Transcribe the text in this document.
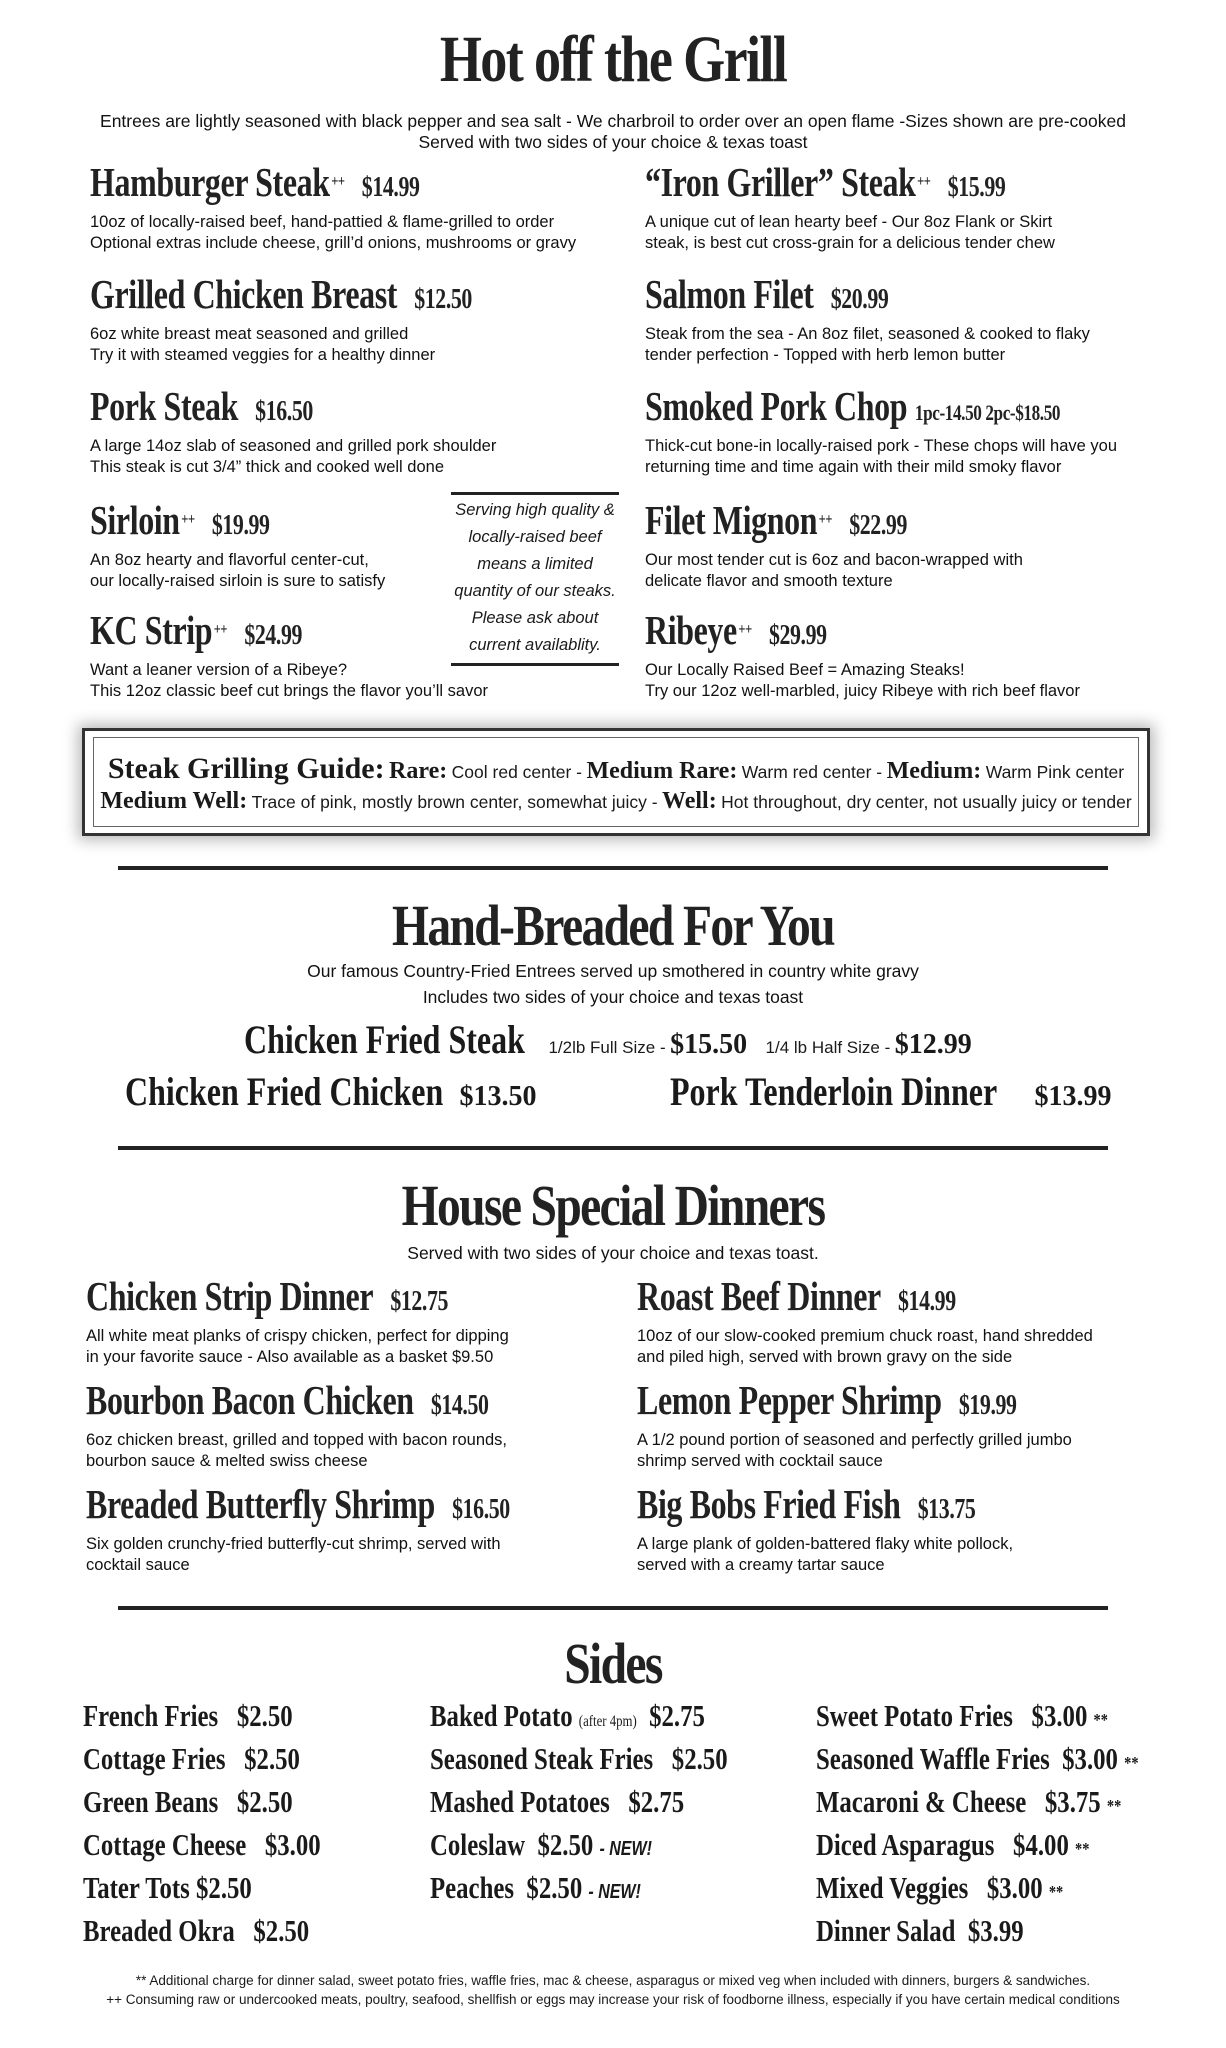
Hot off the Grill
Entrees are lightly seasoned with black pepper and sea salt - We charbroil to order over an open flame -Sizes shown are pre-cooked
Served with two sides of your choice & texas toast
Hamburger Steak++ $14.99
10oz of locally-raised beef, hand-pattied & flame-grilled to order
Optional extras include cheese, grill’d onions, mushrooms or gravy
“Iron Griller” Steak++ $15.99
A unique cut of lean hearty beef - Our 8oz Flank or Skirt
steak, is best cut cross-grain for a delicious tender chew
Grilled Chicken Breast $12.50
6oz white breast meat seasoned and grilled
Try it with steamed veggies for a healthy dinner
Salmon Filet $20.99
Steak from the sea - An 8oz filet, seasoned & cooked to flaky
tender perfection - Topped with herb lemon butter
Pork Steak $16.50
A large 14oz slab of seasoned and grilled pork shoulder
This steak is cut 3/4” thick and cooked well done
Smoked Pork Chop 1pc-14.50 2pc-$18.50
Thick-cut bone-in locally-raised pork - These chops will have you
returning time and time again with their mild smoky flavor
Sirloin++ $19.99
An 8oz hearty and flavorful center-cut,
our locally-raised sirloin is sure to satisfy
Filet Mignon++ $22.99
Our most tender cut is 6oz and bacon-wrapped with
delicate flavor and smooth texture
KC Strip++ $24.99
Want a leaner version of a Ribeye?
This 12oz classic beef cut brings the flavor you’ll savor
Ribeye++ $29.99
Our Locally Raised Beef = Amazing Steaks!
Try our 12oz well-marbled, juicy Ribeye with rich beef flavor
Serving high quality &
locally-raised beef
means a limited
quantity of our steaks.
Please ask about
current availablity.
Steak Grilling Guide: Rare: Cool red center - Medium Rare: Warm red center - Medium: Warm Pink center
Medium Well: Trace of pink, mostly brown center, somewhat juicy - Well: Hot throughout, dry center, not usually juicy or tender
Hand-Breaded For You
Our famous Country-Fried Entrees served up smothered in country white gravy
Includes two sides of your choice and texas toast
Chicken Fried Steak 1/2lb Full Size - $15.50 1/4 lb Half Size - $12.99
Chicken Fried Chicken $13.50	Pork Tenderloin Dinner $13.99
House Special Dinners
Served with two sides of your choice and texas toast.
Chicken Strip Dinner $12.75
All white meat planks of crispy chicken, perfect for dipping
in your favorite sauce - Also available as a basket $9.50
Roast Beef Dinner $14.99
10oz of our slow-cooked premium chuck roast, hand shredded
and piled high, served with brown gravy on the side
Bourbon Bacon Chicken $14.50
6oz chicken breast, grilled and topped with bacon rounds,
bourbon sauce & melted swiss cheese
Lemon Pepper Shrimp $19.99
A 1/2 pound portion of seasoned and perfectly grilled jumbo
shrimp served with cocktail sauce
Breaded Butterfly Shrimp $16.50
Six golden crunchy-fried butterfly-cut shrimp, served with
cocktail sauce
Big Bobs Fried Fish $13.75
A large plank of golden-battered flaky white pollock,
served with a creamy tartar sauce
Sides
French Fries $2.50
Cottage Fries $2.50
Green Beans $2.50
Cottage Cheese $3.00
Tater Tots $2.50
Breaded Okra $2.50
Baked Potato (after 4pm) $2.75
Seasoned Steak Fries $2.50
Mashed Potatoes $2.75
Coleslaw $2.50 - NEW!
Peaches $2.50 - NEW!
Sweet Potato Fries $3.00 **
Seasoned Waffle Fries $3.00 **
Macaroni & Cheese $3.75 **
Diced Asparagus $4.00 **
Mixed Veggies $3.00 **
Dinner Salad $3.99
** Additional charge for dinner salad, sweet potato fries, waffle fries, mac & cheese, asparagus or mixed veg when included with dinners, burgers & sandwiches.
++ Consuming raw or undercooked meats, poultry, seafood, shellfish or eggs may increase your risk of foodborne illness, especially if you have certain medical conditions
